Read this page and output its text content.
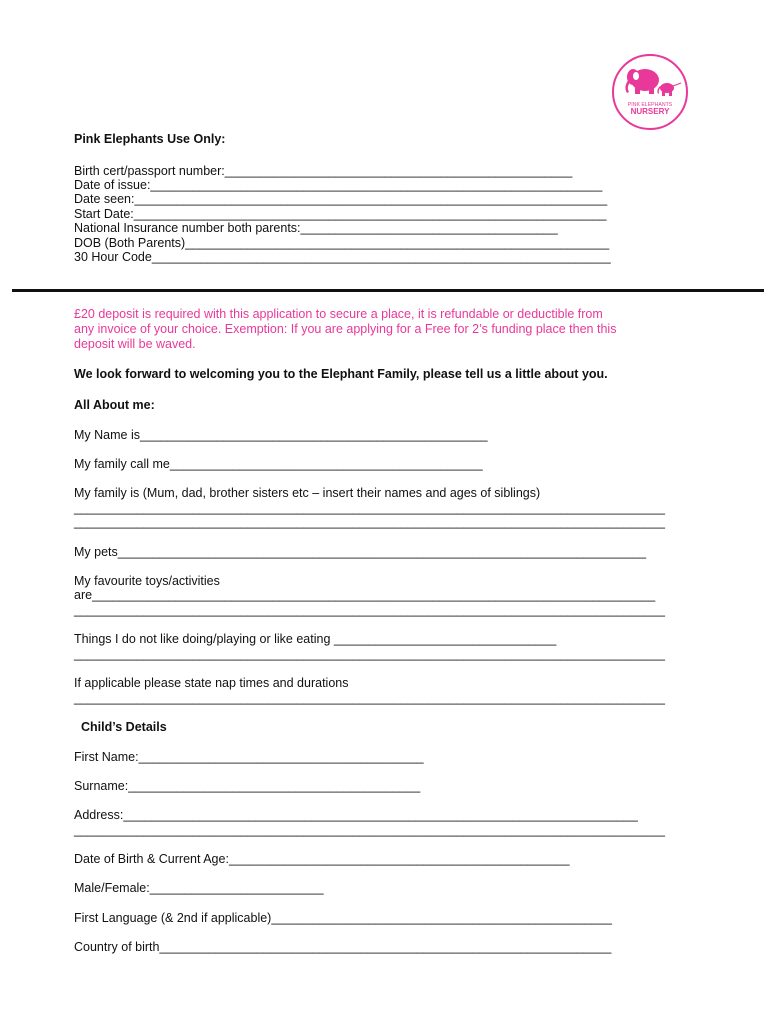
PINK ELEPHANTS
NURSERY
Pink Elephants Use Only:
Birth cert/passport number:__________________________________________________
Date of issue:_________________________________________________________________
Date seen:____________________________________________________________________
Start Date:____________________________________________________________________
National Insurance number both parents:_____________________________________
DOB (Both Parents)_____________________________________________________________
30 Hour Code__________________________________________________________________
£20 deposit is required with this application to secure a place, it is refundable or deductible from
any invoice of your choice. Exemption: If you are applying for a Free for 2’s funding place then this
deposit will be waved.
We look forward to welcoming you to the Elephant Family, please tell us a little about you.
All About me:
My Name is__________________________________________________
My family call me_____________________________________________
My family is (Mum, dad, brother sisters etc – insert their names and ages of siblings)
_____________________________________________________________________________________
_____________________________________________________________________________________
My pets____________________________________________________________________________
My favourite toys/activities
are_________________________________________________________________________________
_____________________________________________________________________________________
Things I do not like doing/playing or like eating ________________________________
_____________________________________________________________________________________
If applicable please state nap times and durations
_____________________________________________________________________________________
Child’s Details
First Name:_________________________________________
Surname:__________________________________________
Address:__________________________________________________________________________
_____________________________________________________________________________________
Date of Birth & Current Age:_________________________________________________
Male/Female:_________________________
First Language (& 2nd if applicable)_________________________________________________
Country of birth_________________________________________________________________
